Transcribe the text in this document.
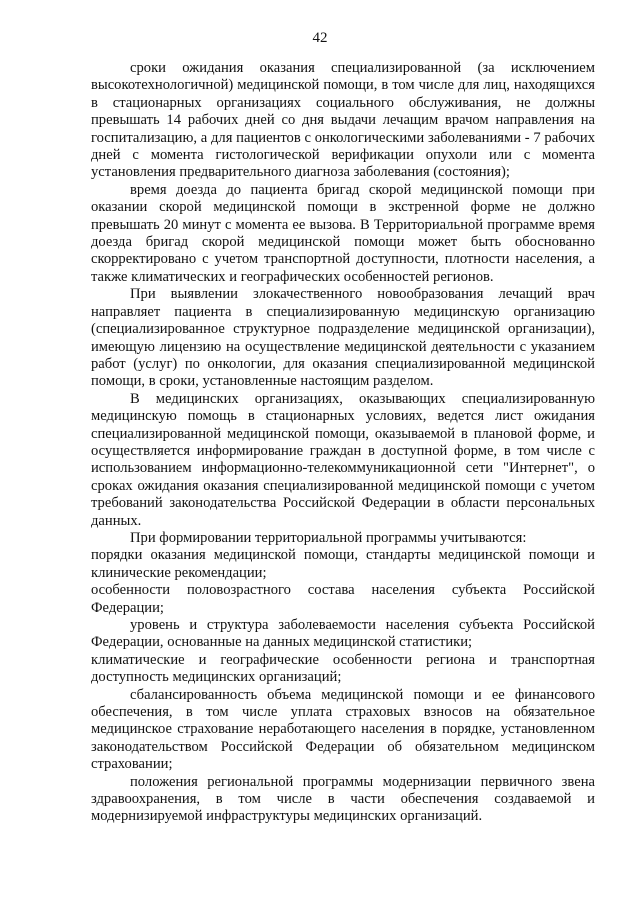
42

сроки ожидания оказания специализированной (за исключением высокотехнологичной) медицинской помощи, в том числе для лиц, находящихся в стационарных организациях социального обслуживания, не должны превышать 14 рабочих дней со дня выдачи лечащим врачом направления на госпитализацию, а для пациентов с онкологическими заболеваниями - 7 рабочих дней с момента гистологической верификации опухоли или с момента установления предварительного диагноза заболевания (состояния);

время доезда до пациента бригад скорой медицинской помощи при оказании скорой медицинской помощи в экстренной форме не должно превышать 20 минут с момента ее вызова. В Территориальной программе время доезда бригад скорой медицинской помощи может быть обоснованно скорректировано с учетом транспортной доступности, плотности населения, а также климатических и географических особенностей регионов.

При выявлении злокачественного новообразования лечащий врач направляет пациента в специализированную медицинскую организацию (специализированное структурное подразделение медицинской организации), имеющую лицензию на осуществление медицинской деятельности с указанием работ (услуг) по онкологии, для оказания специализированной медицинской помощи, в сроки, установленные настоящим разделом.

В медицинских организациях, оказывающих специализированную медицинскую помощь в стационарных условиях, ведется лист ожидания специализированной медицинской помощи, оказываемой в плановой форме, и осуществляется информирование граждан в доступной форме, в том числе с использованием информационно-телекоммуникационной сети "Интернет", о сроках ожидания оказания специализированной медицинской помощи с учетом требований законодательства Российской Федерации в области персональных данных.

При формировании территориальной программы учитываются:

порядки оказания медицинской помощи, стандарты медицинской помощи и клинические рекомендации;

особенности половозрастного состава населения субъекта Российской Федерации;

уровень и структура заболеваемости населения субъекта Российской Федерации, основанные на данных медицинской статистики;

климатические и географические особенности региона и транспортная доступность медицинских организаций;

сбалансированность объема медицинской помощи и ее финансового обеспечения, в том числе уплата страховых взносов на обязательное медицинское страхование неработающего населения в порядке, установленном законодательством Российской Федерации об обязательном медицинском страховании;

положения региональной программы модернизации первичного звена здравоохранения, в том числе в части обеспечения создаваемой и модернизируемой инфраструктуры медицинских организаций.
